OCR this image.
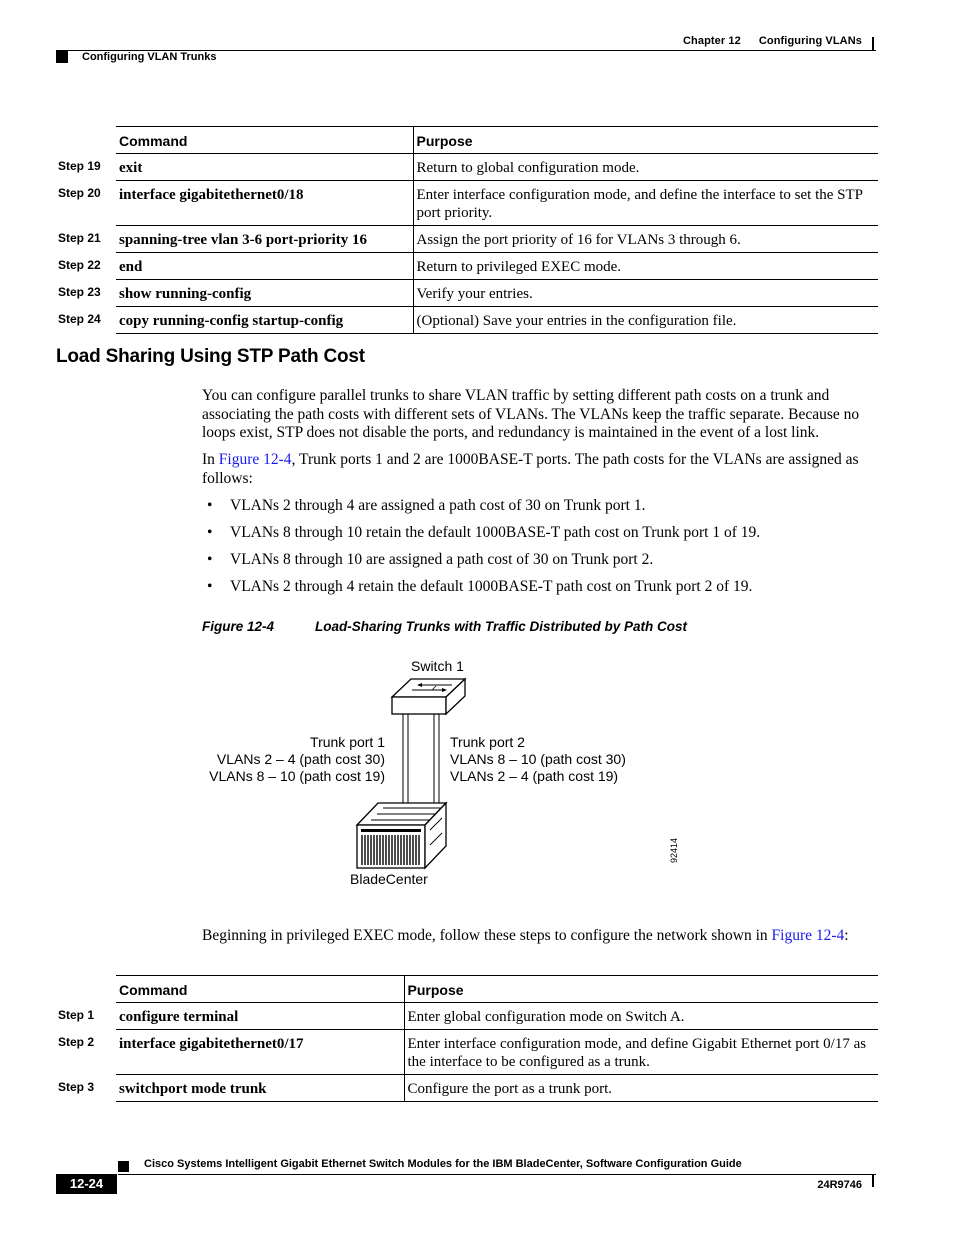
Chapter 12 Configuring VLANs
Configuring VLAN Trunks
	Command	Purpose
Step 19	exit	Return to global configuration mode.
Step 20	interface gigabitethernet0/18	Enter interface configuration mode, and define the interface to set the STP port priority.
Step 21	spanning-tree vlan 3-6 port-priority 16	Assign the port priority of 16 for VLANs 3 through 6.
Step 22	end	Return to privileged EXEC mode.
Step 23	show running-config	Verify your entries.
Step 24	copy running-config startup-config	(Optional) Save your entries in the configuration file.
Load Sharing Using STP Path Cost
You can configure parallel trunks to share VLAN traffic by setting different path costs on a trunk and associating the path costs with different sets of VLANs. The VLANs keep the traffic separate. Because no loops exist, STP does not disable the ports, and redundancy is maintained in the event of a lost link.
In Figure 12-4, Trunk ports 1 and 2 are 1000BASE-T ports. The path costs for the VLANs are assigned as follows:
• VLANs 2 through 4 are assigned a path cost of 30 on Trunk port 1.
• VLANs 8 through 10 retain the default 1000BASE-T path cost on Trunk port 1 of 19.
• VLANs 8 through 10 are assigned a path cost of 30 on Trunk port 2.
• VLANs 2 through 4 retain the default 1000BASE-T path cost on Trunk port 2 of 19.
Figure 12-4	Load-Sharing Trunks with Traffic Distributed by Path Cost
Switch 1
Trunk port 1
VLANs 2 – 4 (path cost 30)
VLANs 8 – 10 (path cost 19)
Trunk port 2
VLANs 8 – 10 (path cost 30)
VLANs 2 – 4 (path cost 19)
BladeCenter
92414
Beginning in privileged EXEC mode, follow these steps to configure the network shown in Figure 12-4:
	Command	Purpose
Step 1	configure terminal	Enter global configuration mode on Switch A.
Step 2	interface gigabitethernet0/17	Enter interface configuration mode, and define Gigabit Ethernet port 0/17 as the interface to be configured as a trunk.
Step 3	switchport mode trunk	Configure the port as a trunk port.
Cisco Systems Intelligent Gigabit Ethernet Switch Modules for the IBM BladeCenter, Software Configuration Guide
12-24	24R9746
